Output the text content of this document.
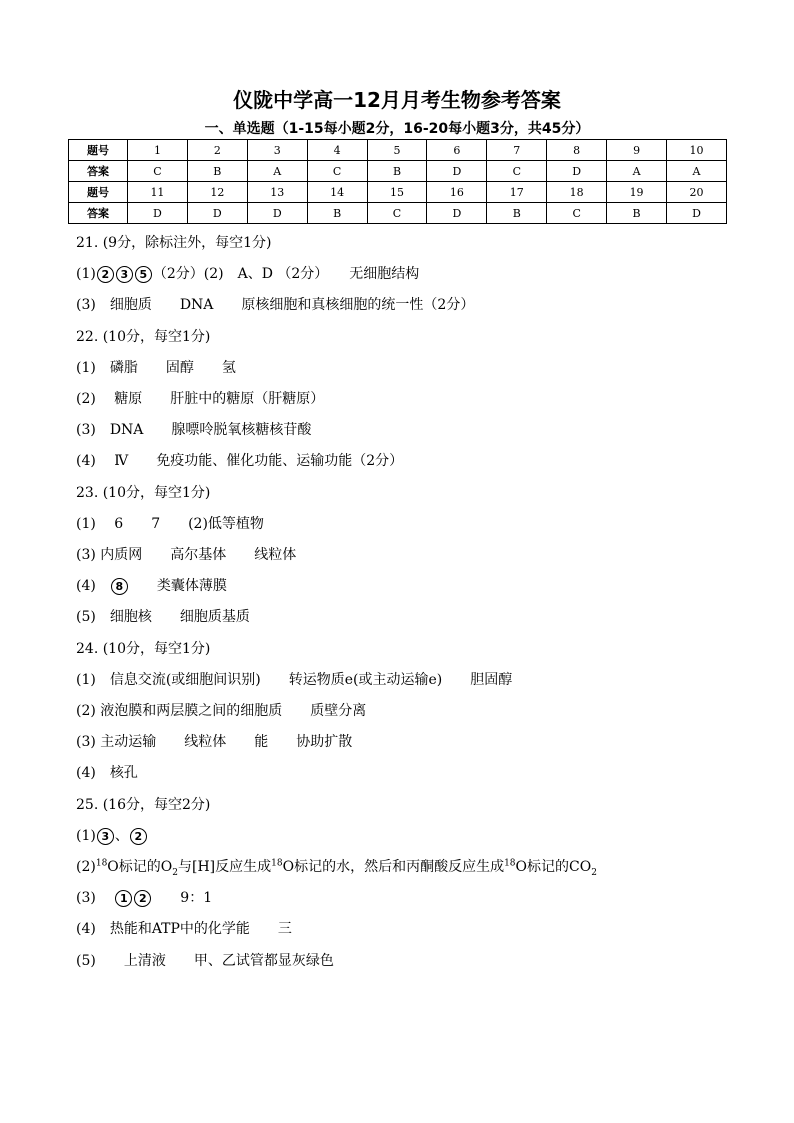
仪陇中学高一12月月考生物参考答案
一、单选题（1-15每小题2分，16-20每小题3分，共45分）
题号	1	2	3	4	5	6	7	8	9	10
答案	C	B	A	C	B	D	C	D	A	A
题号	11	12	13	14	15	16	17	18	19	20
答案	D	D	D	B	C	D	B	C	B	D
21. (9分，除标注外，每空1分)
(1) 2 3 5 （2分）(2)　A、D （2分）　　无细胞结构
(3)　细胞质　　DNA　　原核细胞和真核细胞的统一性（2分）
22. (10分，每空1分)
(1)　磷脂　　固醇　　氢
(2)　 糖原　　肝脏中的糖原（肝糖原）
(3)　DNA　　腺嘌呤脱氧核糖核苷酸
(4)　 Ⅳ　　免疫功能、催化功能、运输功能（2分）
23. (10分，每空1分)
(1)　 6　　7　　(2)低等植物
(3) 内质网　　高尔基体　　线粒体
(4)　8　　类囊体薄膜
(5)　细胞核　　细胞质基质
24. (10分，每空1分)
(1)　信息交流(或细胞间识别)　　转运物质e(或主动运输e)　　胆固醇
(2) 液泡膜和两层膜之间的细胞质　　质壁分离
(3) 主动运输　　线粒体　　能　　协助扩散
(4)　核孔
25. (16分，每空2分)
(1) 3 、 2
$(2)^{18}O$标记的$O_2$与[H]反应生成$^{18}$O标记的水，然后和丙酮酸反应生成$^{18}$O标记的$CO_2$
(3)　 1 2　　9：1
(4)　热能和ATP中的化学能　　三
(5)　　上清液　　甲、乙试管都显灰绿色
